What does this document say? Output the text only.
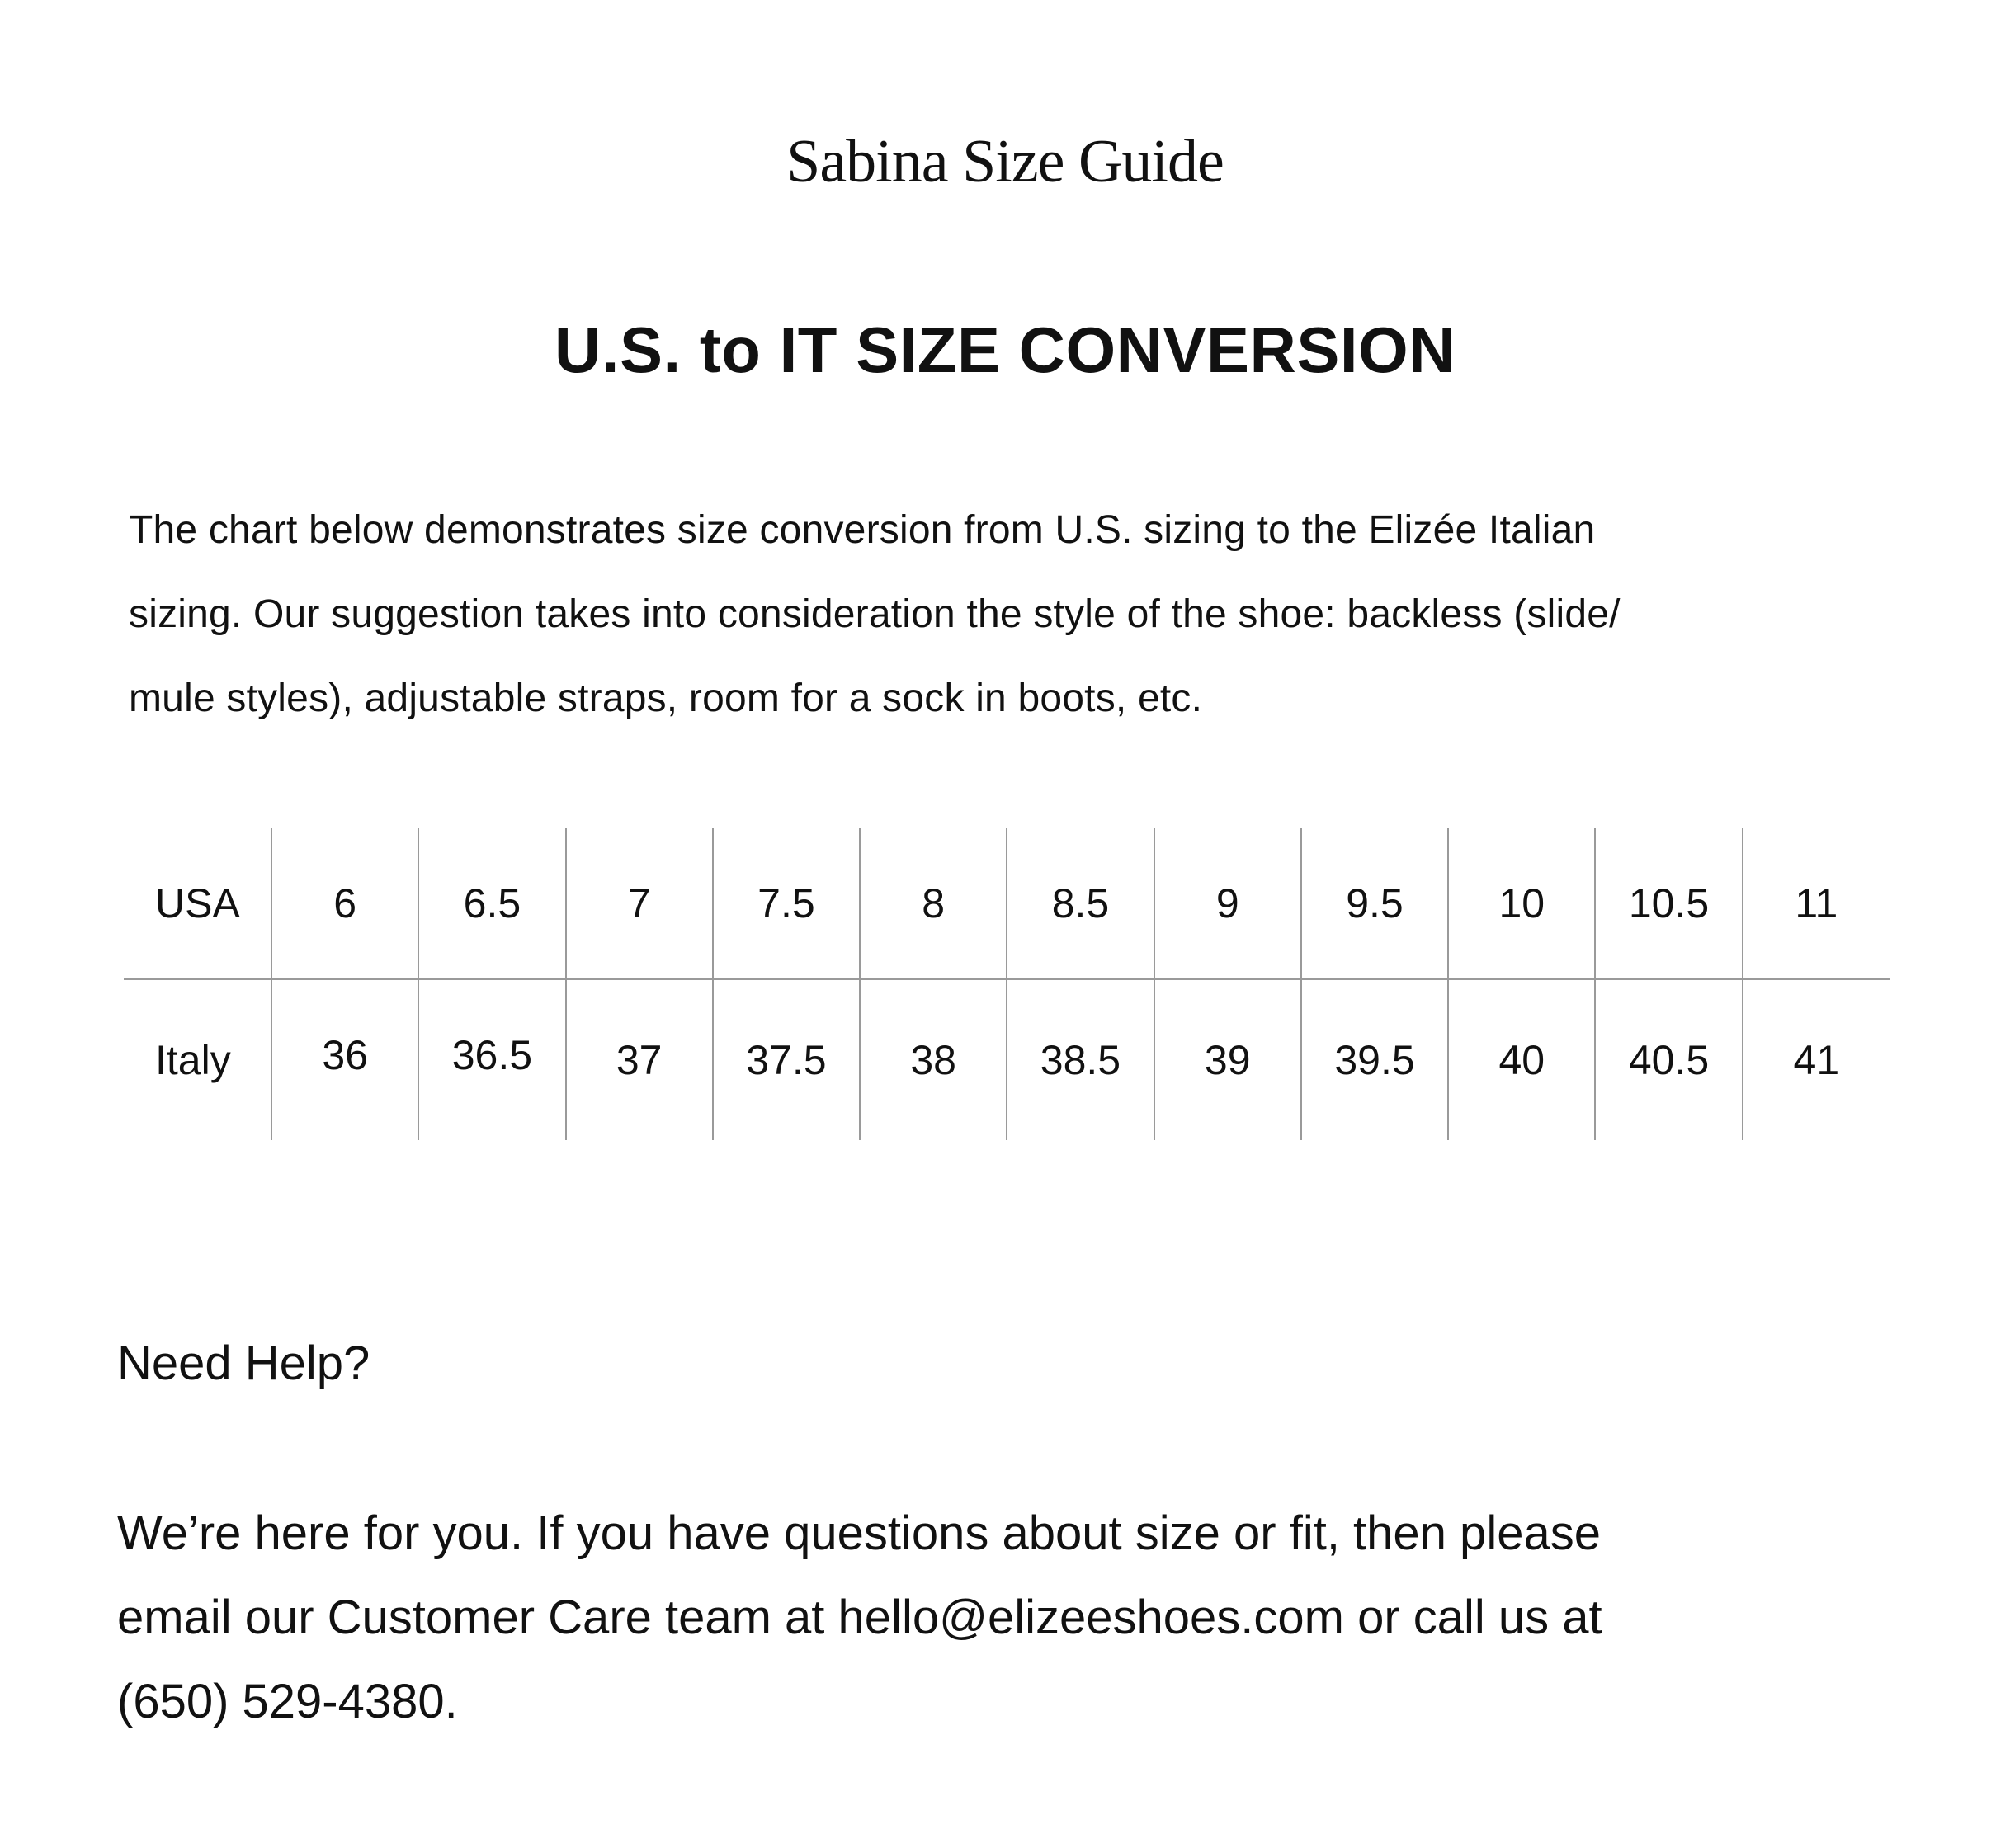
Sabina Size Guide
U.S. to IT SIZE CONVERSION

The chart below demonstrates size conversion from U.S. sizing to the Elizée Italian
sizing. Our suggestion takes into consideration the style of the shoe: backless (slide/
mule styles), adjustable straps, room for a sock in boots, etc.

USA	6	6.5	7	7.5	8	8.5	9	9.5	10	10.5	11
Italy	36	36.5	37	37.5	38	38.5	39	39.5	40	40.5	41
Need Help?

We’re here for you. If you have questions about size or fit, then please
email our Customer Care team at hello@elizeeshoes.com or call us at
(650) 529-4380.
